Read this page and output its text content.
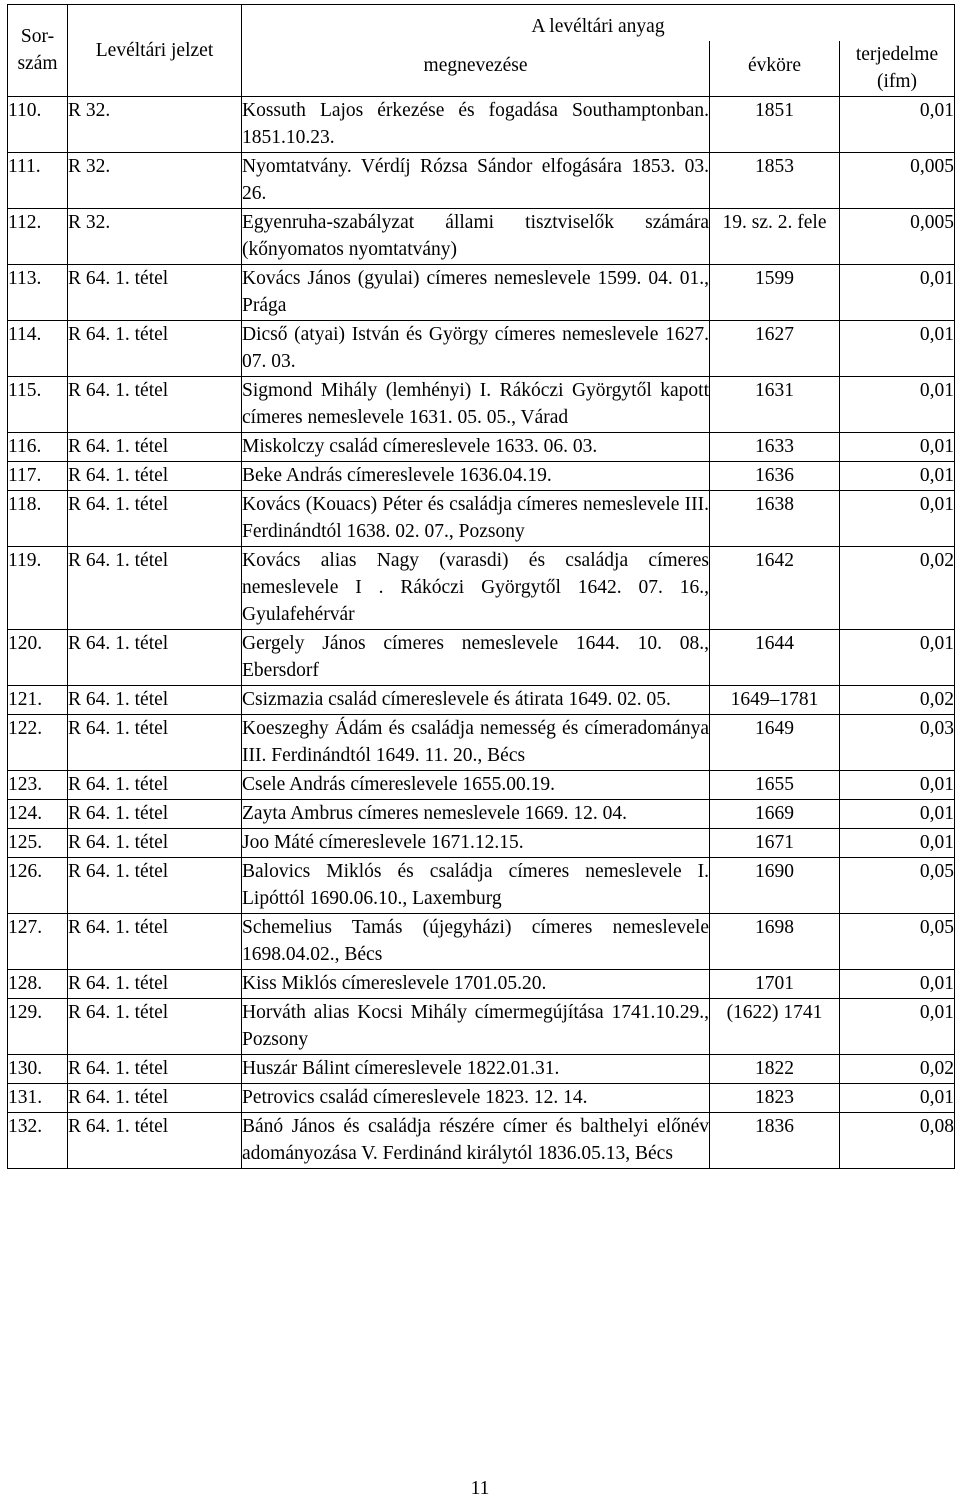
Sor-szám	Levéltári jelzet	A levéltári anyag		
		megnevezése	évköre	terjedelme (ifm)
110.	R 32.	Kossuth Lajos érkezése és fogadása Southamptonban. 1851.10.23.	1851	0,01
111.	R 32.	Nyomtatvány. Vérdíj Rózsa Sándor elfogására 1853. 03. 26.	1853	0,005
112.	R 32.	Egyenruha-szabályzat állami tisztviselők számára (kőnyomatos nyomtatvány)	19. sz. 2. fele	0,005
113.	R 64. 1. tétel	Kovács János (gyulai) címeres nemeslevele 1599. 04. 01., Prága	1599	0,01
114.	R 64. 1. tétel	Dicső (atyai) István és György címeres nemeslevele 1627. 07. 03.	1627	0,01
115.	R 64. 1. tétel	Sigmond Mihály (lemhényi) I. Rákóczi Györgytől kapott címeres nemeslevele 1631. 05. 05., Várad	1631	0,01
116.	R 64. 1. tétel	Miskolczy család címereslevele 1633. 06. 03.	1633	0,01
117.	R 64. 1. tétel	Beke András címereslevele 1636.04.19.	1636	0,01
118.	R 64. 1. tétel	Kovács (Kouacs) Péter és családja címeres nemeslevele III. Ferdinándtól 1638. 02. 07., Pozsony	1638	0,01
119.	R 64. 1. tétel	Kovács alias Nagy (varasdi) és családja címeres nemeslevele I . Rákóczi Györgytől 1642. 07. 16., Gyulafehérvár	1642	0,02
120.	R 64. 1. tétel	Gergely János címeres nemeslevele 1644. 10. 08., Ebersdorf	1644	0,01
121.	R 64. 1. tétel	Csizmazia család címereslevele és átirata 1649. 02. 05.	1649–1781	0,02
122.	R 64. 1. tétel	Koeszeghy Ádám és családja nemesség és címeradománya III. Ferdinándtól 1649. 11. 20., Bécs	1649	0,03
123.	R 64. 1. tétel	Csele András címereslevele 1655.00.19.	1655	0,01
124.	R 64. 1. tétel	Zayta Ambrus címeres nemeslevele 1669. 12. 04.	1669	0,01
125.	R 64. 1. tétel	Joo Máté címereslevele 1671.12.15.	1671	0,01
126.	R 64. 1. tétel	Balovics Miklós és családja címeres nemeslevele I. Lipóttól 1690.06.10., Laxemburg	1690	0,05
127.	R 64. 1. tétel	Schemelius Tamás (újegyházi) címeres nemeslevele 1698.04.02., Bécs	1698	0,05
128.	R 64. 1. tétel	Kiss Miklós címereslevele 1701.05.20.	1701	0,01
129.	R 64. 1. tétel	Horváth alias Kocsi Mihály címermegújítása 1741.10.29., Pozsony	(1622) 1741	0,01
130.	R 64. 1. tétel	Huszár Bálint címereslevele 1822.01.31.	1822	0,02
131.	R 64. 1. tétel	Petrovics család címereslevele 1823. 12. 14.	1823	0,01
132.	R 64. 1. tétel	Bánó János és családja részére címer és balthelyi előnév adományozása V. Ferdinánd királytól 1836.05.13, Bécs	1836	0,08
11
